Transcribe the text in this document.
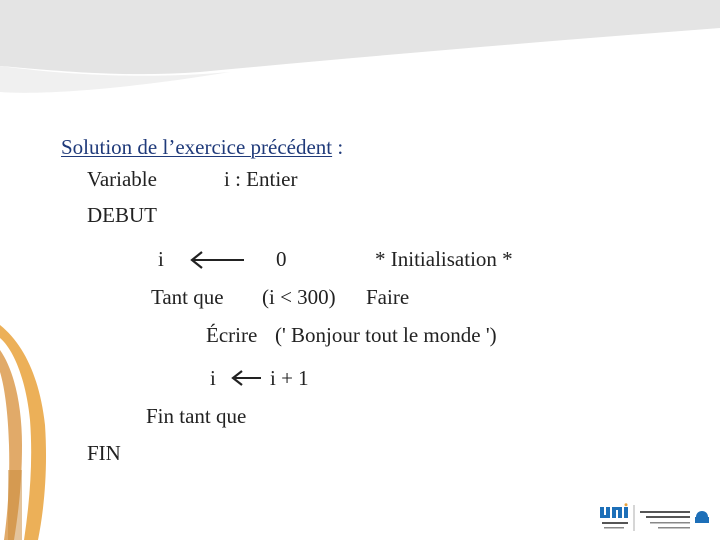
Solution de l’exercice précédent :
Variable	i : Entier
DEBUT
i	0	* Initialisation *
Tant que (i < 300) Faire
Écrire (' Bonjour tout le monde ')
i	i + 1
Fin tant que
FIN
